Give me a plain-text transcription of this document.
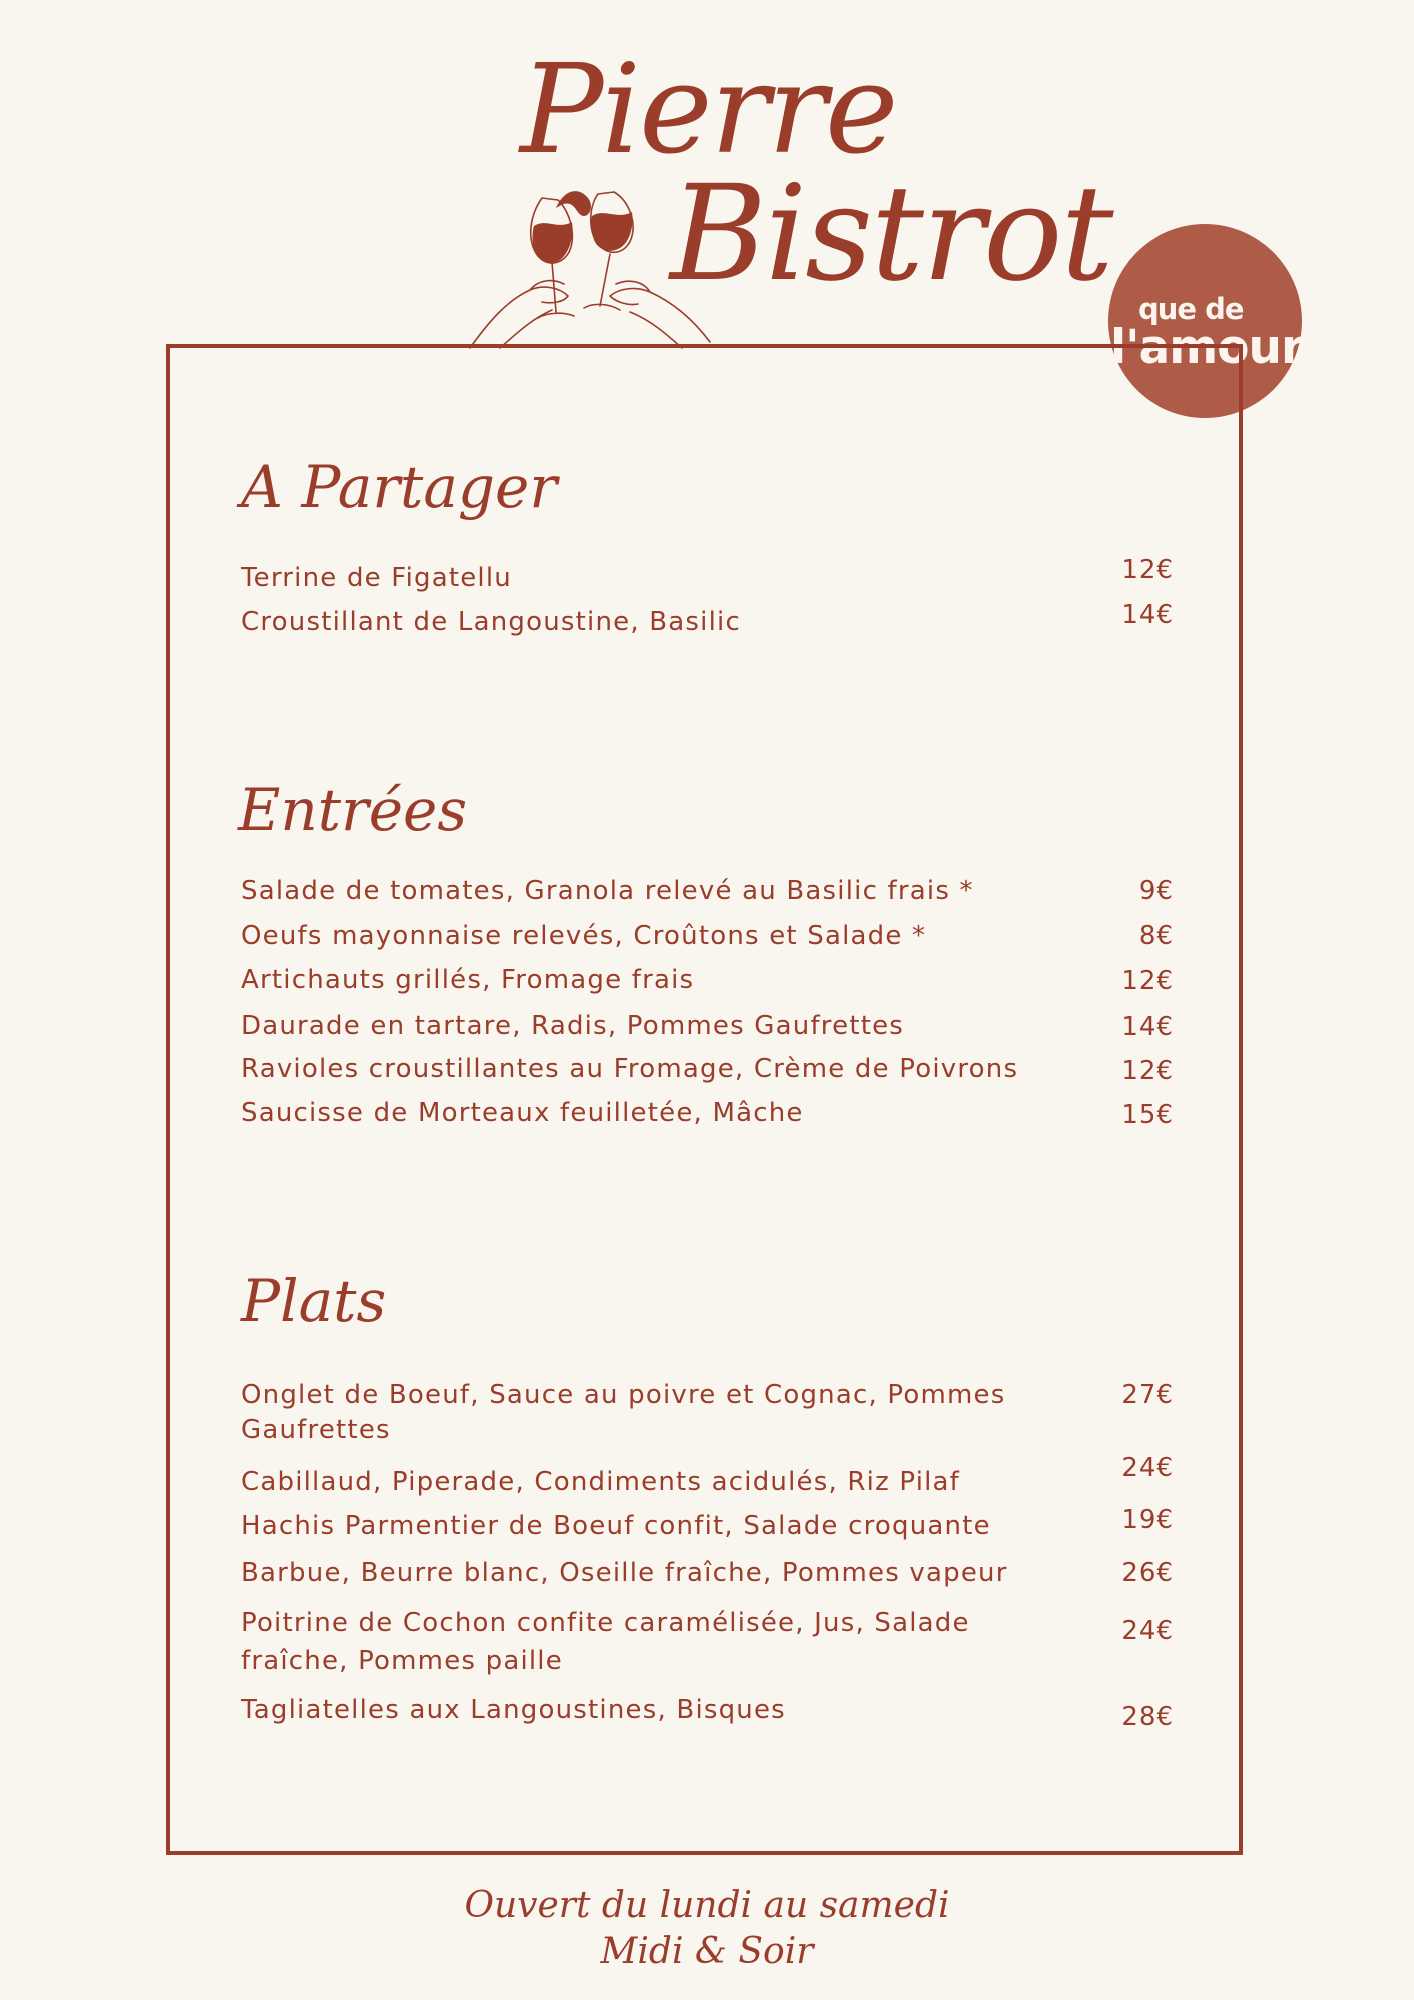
Pierre
Bistrot que de
l'amour
A Partager
Terrine de Figatellu	12€
Croustillant de Langoustine, Basilic	14€
Entrées
Salade de tomates, Granola relevé au Basilic frais *	9€
Oeufs mayonnaise relevés, Croûtons et Salade *	8€
Artichauts grillés, Fromage frais	12€
Daurade en tartare, Radis, Pommes Gaufrettes	14€
Ravioles croustillantes au Fromage, Crème de Poivrons	12€
Saucisse de Morteaux feuilletée, Mâche	15€
Plats
Onglet de Boeuf, Sauce au poivre et Cognac, Pommes Gaufrettes
27€
Cabillaud, Piperade, Condiments acidulés, Riz Pilaf	24€
Hachis Parmentier de Boeuf confit, Salade croquante	19€
Barbue, Beurre blanc, Oseille fraîche, Pommes vapeur	26€
Poitrine de Cochon confite caramélisée, Jus, Salade fraîche, Pommes paille
24€
Tagliatelles aux Langoustines, Bisques	28€
Ouvert du lundi au samedi
Midi & Soir
